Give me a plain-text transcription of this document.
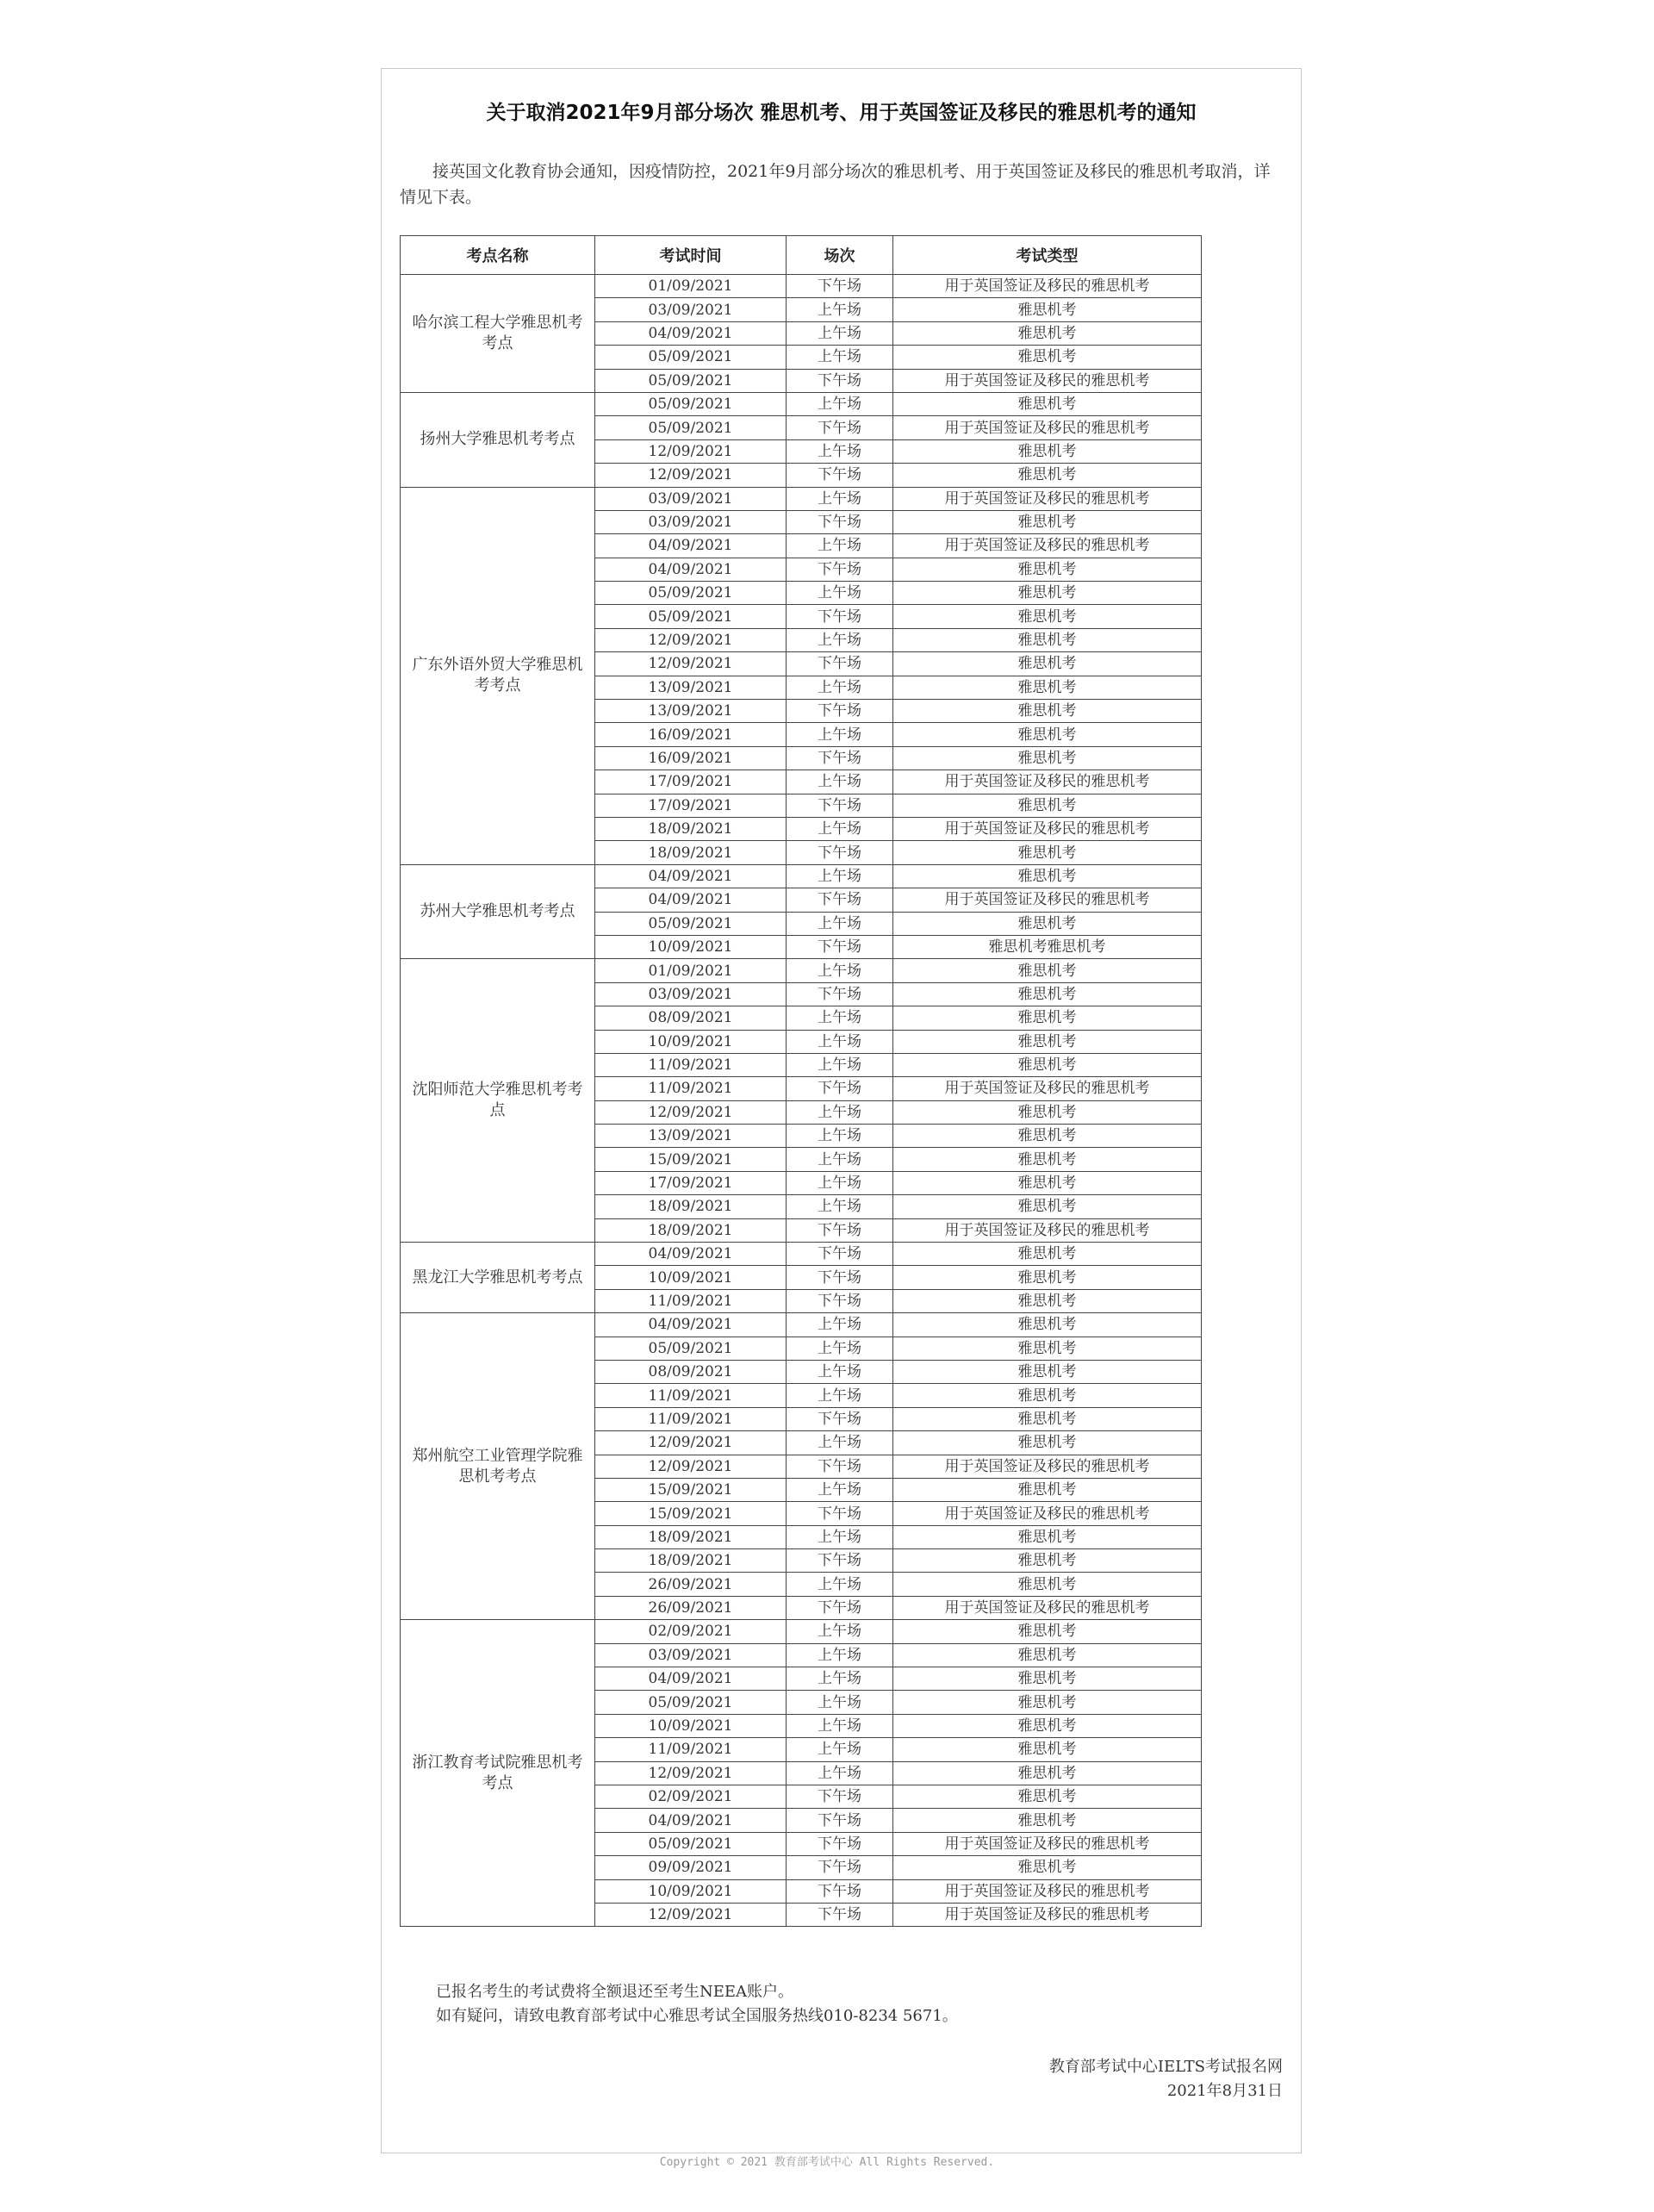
关于取消2021年9月部分场次 雅思机考、用于英国签证及移民的雅思机考的通知
接英国文化教育协会通知，因疫情防控，2021年9月部分场次的雅思机考、用于英国签证及移民的雅思机考取消，详情见下表。
考点名称	考试时间	场次	考试类型
哈尔滨工程大学雅思机考考点	01/09/2021	下午场	用于英国签证及移民的雅思机考
	03/09/2021	上午场	雅思机考
	04/09/2021	上午场	雅思机考
	05/09/2021	上午场	雅思机考
	05/09/2021	下午场	用于英国签证及移民的雅思机考
扬州大学雅思机考考点	05/09/2021	上午场	雅思机考
	05/09/2021	下午场	用于英国签证及移民的雅思机考
	12/09/2021	上午场	雅思机考
	12/09/2021	下午场	雅思机考
广东外语外贸大学雅思机考考点	03/09/2021	上午场	用于英国签证及移民的雅思机考
	03/09/2021	下午场	雅思机考
	04/09/2021	上午场	用于英国签证及移民的雅思机考
	04/09/2021	下午场	雅思机考
	05/09/2021	上午场	雅思机考
	05/09/2021	下午场	雅思机考
	12/09/2021	上午场	雅思机考
	12/09/2021	下午场	雅思机考
	13/09/2021	上午场	雅思机考
	13/09/2021	下午场	雅思机考
	16/09/2021	上午场	雅思机考
	16/09/2021	下午场	雅思机考
	17/09/2021	上午场	用于英国签证及移民的雅思机考
	17/09/2021	下午场	雅思机考
	18/09/2021	上午场	用于英国签证及移民的雅思机考
	18/09/2021	下午场	雅思机考
苏州大学雅思机考考点	04/09/2021	上午场	雅思机考
	04/09/2021	下午场	用于英国签证及移民的雅思机考
	05/09/2021	上午场	雅思机考
	10/09/2021	下午场	雅思机考雅思机考
沈阳师范大学雅思机考考点	01/09/2021	上午场	雅思机考
	03/09/2021	下午场	雅思机考
	08/09/2021	上午场	雅思机考
	10/09/2021	上午场	雅思机考
	11/09/2021	上午场	雅思机考
	11/09/2021	下午场	用于英国签证及移民的雅思机考
	12/09/2021	上午场	雅思机考
	13/09/2021	上午场	雅思机考
	15/09/2021	上午场	雅思机考
	17/09/2021	上午场	雅思机考
	18/09/2021	上午场	雅思机考
	18/09/2021	下午场	用于英国签证及移民的雅思机考
黑龙江大学雅思机考考点	04/09/2021	下午场	雅思机考
	10/09/2021	下午场	雅思机考
	11/09/2021	下午场	雅思机考
郑州航空工业管理学院雅思机考考点	04/09/2021	上午场	雅思机考
	05/09/2021	上午场	雅思机考
	08/09/2021	上午场	雅思机考
	11/09/2021	上午场	雅思机考
	11/09/2021	下午场	雅思机考
	12/09/2021	上午场	雅思机考
	12/09/2021	下午场	用于英国签证及移民的雅思机考
	15/09/2021	上午场	雅思机考
	15/09/2021	下午场	用于英国签证及移民的雅思机考
	18/09/2021	上午场	雅思机考
	18/09/2021	下午场	雅思机考
	26/09/2021	上午场	雅思机考
	26/09/2021	下午场	用于英国签证及移民的雅思机考
浙江教育考试院雅思机考考点	02/09/2021	上午场	雅思机考
	03/09/2021	上午场	雅思机考
	04/09/2021	上午场	雅思机考
	05/09/2021	上午场	雅思机考
	10/09/2021	上午场	雅思机考
	11/09/2021	上午场	雅思机考
	12/09/2021	上午场	雅思机考
	02/09/2021	下午场	雅思机考
	04/09/2021	下午场	雅思机考
	05/09/2021	下午场	用于英国签证及移民的雅思机考
	09/09/2021	下午场	雅思机考
	10/09/2021	下午场	用于英国签证及移民的雅思机考
	12/09/2021	下午场	用于英国签证及移民的雅思机考
已报名考生的考试费将全额退还至考生NEEA账户。
如有疑问，请致电教育部考试中心雅思考试全国服务热线010-8234 5671。
教育部考试中心IELTS考试报名网
2021年8月31日
Copyright © 2021 教育部考试中心 All Rights Reserved.
